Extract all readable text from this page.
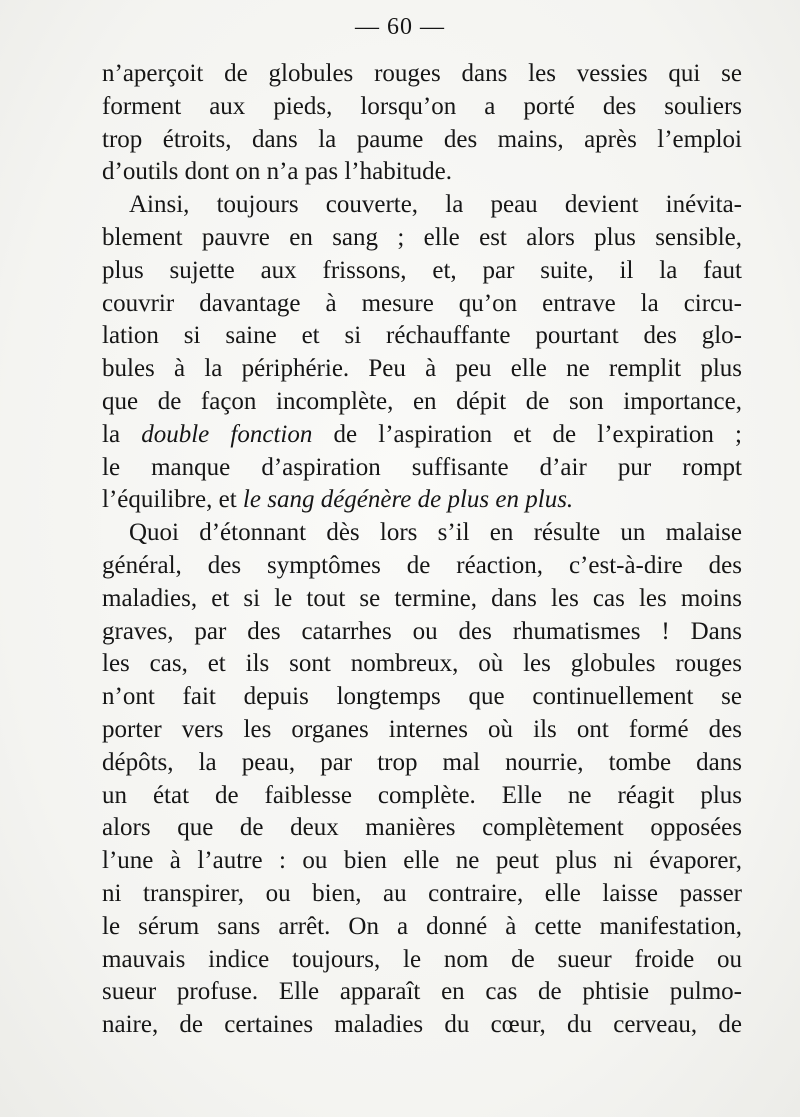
— 60 —

n’aperçoit de globules rouges dans les vessies qui se
forment aux pieds, lorsqu’on a porté des souliers
trop étroits, dans la paume des mains, après l’emploi
d’outils dont on n’a pas l’habitude.

Ainsi, toujours couverte, la peau devient inévita-
blement pauvre en sang ; elle est alors plus sensible,
plus sujette aux frissons, et, par suite, il la faut
couvrir davantage à mesure qu’on entrave la circu-
lation si saine et si réchauffante pourtant des glo-
bules à la périphérie. Peu à peu elle ne remplit plus
que de façon incomplète, en dépit de son importance,
la double fonction de l’aspiration et de l’expiration ;
le manque d’aspiration suffisante d’air pur rompt
l’équilibre, et le sang dégénère de plus en plus.

Quoi d’étonnant dès lors s’il en résulte un malaise
général, des symptômes de réaction, c’est-à-dire des
maladies, et si le tout se termine, dans les cas les moins
graves, par des catarrhes ou des rhumatismes ! Dans
les cas, et ils sont nombreux, où les globules rouges
n’ont fait depuis longtemps que continuellement se
porter vers les organes internes où ils ont formé des
dépôts, la peau, par trop mal nourrie, tombe dans
un état de faiblesse complète. Elle ne réagit plus
alors que de deux manières complètement opposées
l’une à l’autre : ou bien elle ne peut plus ni évaporer,
ni transpirer, ou bien, au contraire, elle laisse passer
le sérum sans arrêt. On a donné à cette manifestation,
mauvais indice toujours, le nom de sueur froide ou
sueur profuse. Elle apparaît en cas de phtisie pulmo-
naire, de certaines maladies du cœur, du cerveau, de
